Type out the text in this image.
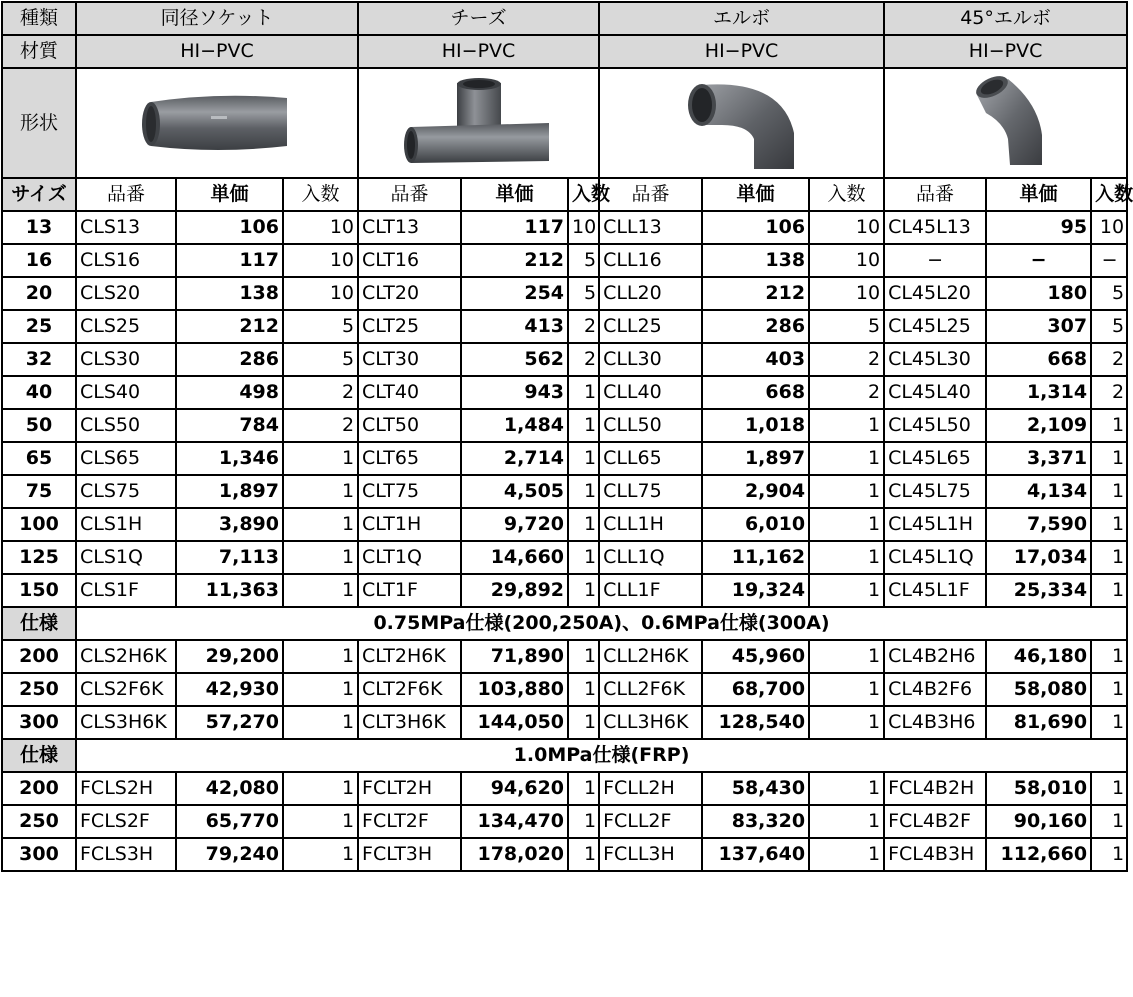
種類	同径ソケット			チーズ			エルボ			45°エルボ		
材質	HI−PVC			HI−PVC			HI−PVC			HI−PVC		
形状	

サイズ	品番	単価	入数	品番	単価	入数	品番	単価	入数	品番	単価	入数
13	CLS13	106	10	CLT13	117	10	CLL13	106	10	CL45L13	95	10
16	CLS16	117	10	CLT16	212	5	CLL16	138	10	−	−	−
20	CLS20	138	10	CLT20	254	5	CLL20	212	10	CL45L20	180	5
25	CLS25	212	5	CLT25	413	2	CLL25	286	5	CL45L25	307	5
32	CLS30	286	5	CLT30	562	2	CLL30	403	2	CL45L30	668	2
40	CLS40	498	2	CLT40	943	1	CLL40	668	2	CL45L40	1,314	2
50	CLS50	784	2	CLT50	1,484	1	CLL50	1,018	1	CL45L50	2,109	1
65	CLS65	1,346	1	CLT65	2,714	1	CLL65	1,897	1	CL45L65	3,371	1
75	CLS75	1,897	1	CLT75	4,505	1	CLL75	2,904	1	CL45L75	4,134	1
100	CLS1H	3,890	1	CLT1H	9,720	1	CLL1H	6,010	1	CL45L1H	7,590	1
125	CLS1Q	7,113	1	CLT1Q	14,660	1	CLL1Q	11,162	1	CL45L1Q	17,034	1
150	CLS1F	11,363	1	CLT1F	29,892	1	CLL1F	19,324	1	CL45L1F	25,334	1
仕様	0.75MPa仕様(200,250A)、0.6MPa仕様(300A)											
200	CLS2H6K	29,200	1	CLT2H6K	71,890	1	CLL2H6K	45,960	1	CL4B2H6	46,180	1
250	CLS2F6K	42,930	1	CLT2F6K	103,880	1	CLL2F6K	68,700	1	CL4B2F6	58,080	1
300	CLS3H6K	57,270	1	CLT3H6K	144,050	1	CLL3H6K	128,540	1	CL4B3H6	81,690	1
仕様	1.0MPa仕様(FRP)											
200	FCLS2H	42,080	1	FCLT2H	94,620	1	FCLL2H	58,430	1	FCL4B2H	58,010	1
250	FCLS2F	65,770	1	FCLT2F	134,470	1	FCLL2F	83,320	1	FCL4B2F	90,160	1
300	FCLS3H	79,240	1	FCLT3H	178,020	1	FCLL3H	137,640	1	FCL4B3H	112,660	1
